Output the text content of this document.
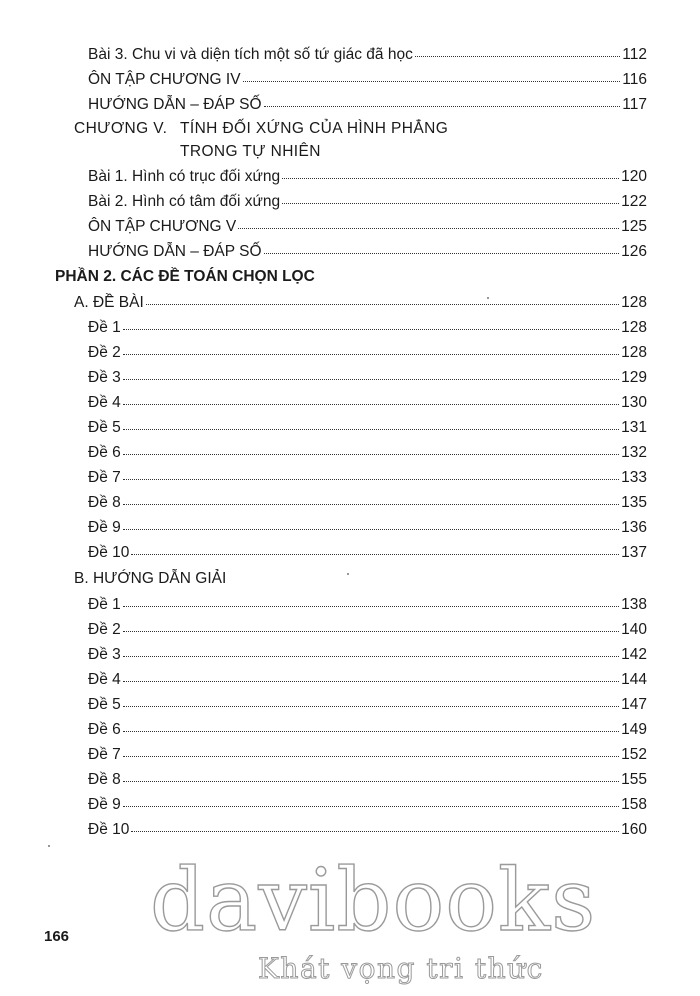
Bài 3. Chu vi và diện tích một số tứ giác đã học	112
ÔN TẬP CHƯƠNG IV	116
HƯỚNG DẪN – ĐÁP SỐ	117
CHƯƠNG V. TÍNH ĐỐI XỨNG CỦA HÌNH PHẲNG
TRONG TỰ NHIÊN
Bài 1. Hình có trục đối xứng	120
Bài 2. Hình có tâm đối xứng	122
ÔN TẬP CHƯƠNG V	125
HƯỚNG DẪN – ĐÁP SỐ	126
PHẦN 2. CÁC ĐỀ TOÁN CHỌN LỌC
A. ĐỀ BÀI	128
Đề 1	128
Đề 2	128
Đề 3	129
Đề 4	130
Đề 5	131
Đề 6	132
Đề 7	133
Đề 8	135
Đề 9	136
Đề 10	137
B. HƯỚNG DẪN GIẢI
Đề 1	138
Đề 2	140
Đề 3	142
Đề 4	144
Đề 5	147
Đề 6	149
Đề 7	152
Đề 8	155
Đề 9	158
Đề 10	160
166 davibooks
Khát vọng tri thức
